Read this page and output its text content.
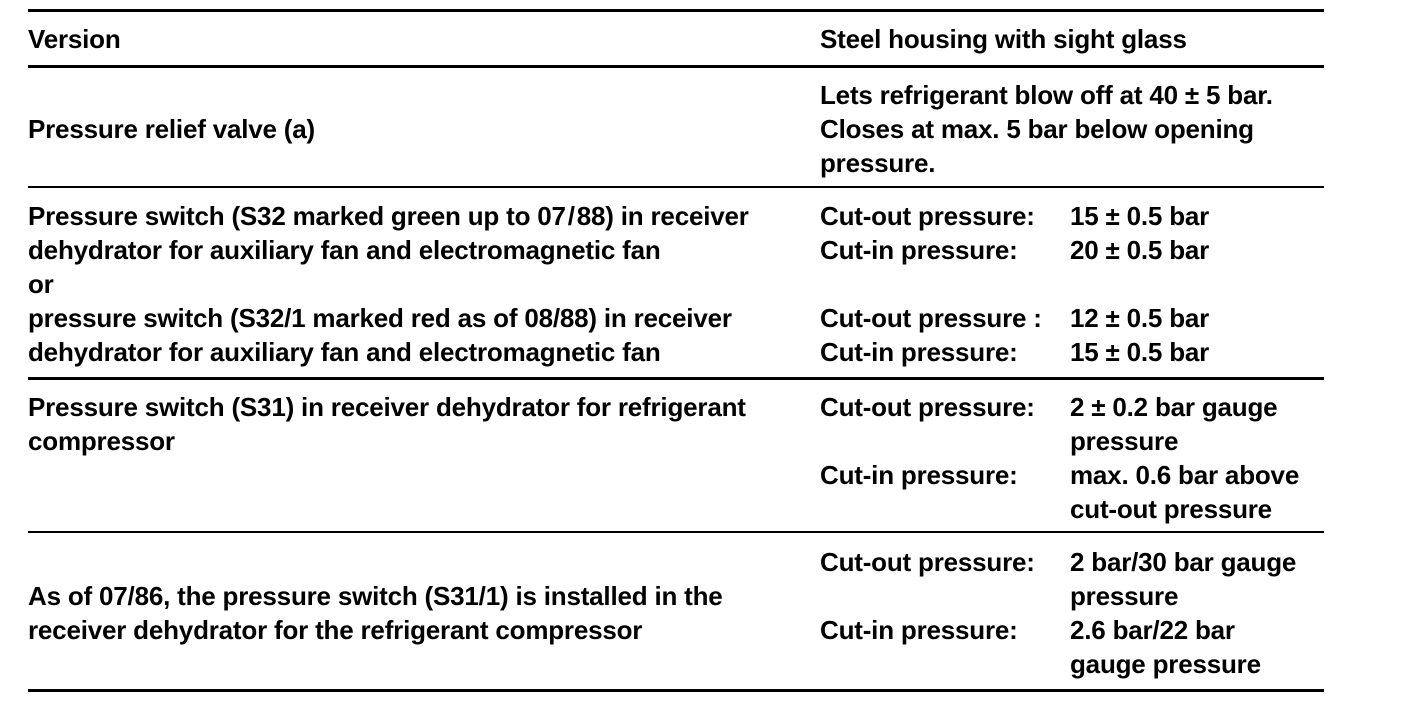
Version	Steel housing with sight glass
Pressure relief valve (a)
Lets refrigerant blow off at 40 ± 5 bar.
Closes at max. 5 bar below opening
pressure.
Pressure switch (S32 marked green up to 07 / 88) in receiver
dehydrator for auxiliary fan and electromagnetic fan
or
pressure switch (S32/1 marked red as of 08/88) in receiver
dehydrator for auxiliary fan and electromagnetic fan
Cut-out pressure: 15 ± 0.5 bar
Cut-in pressure: 20 ± 0.5 bar
Cut-out pressure : 12 ± 0.5 bar
Cut-in pressure: 15 ± 0.5 bar
Pressure switch (S31) in receiver dehydrator for refrigerant
compressor
Cut-out pressure: 2 ± 0.2 bar gauge
pressure
Cut-in pressure: max. 0.6 bar above
cut-out pressure
As of 07/86, the pressure switch (S31/1) is installed in the
receiver dehydrator for the refrigerant compressor
Cut-out pressure: 2 bar/30 bar gauge
pressure
Cut-in pressure: 2.6 bar/22 bar
gauge pressure
